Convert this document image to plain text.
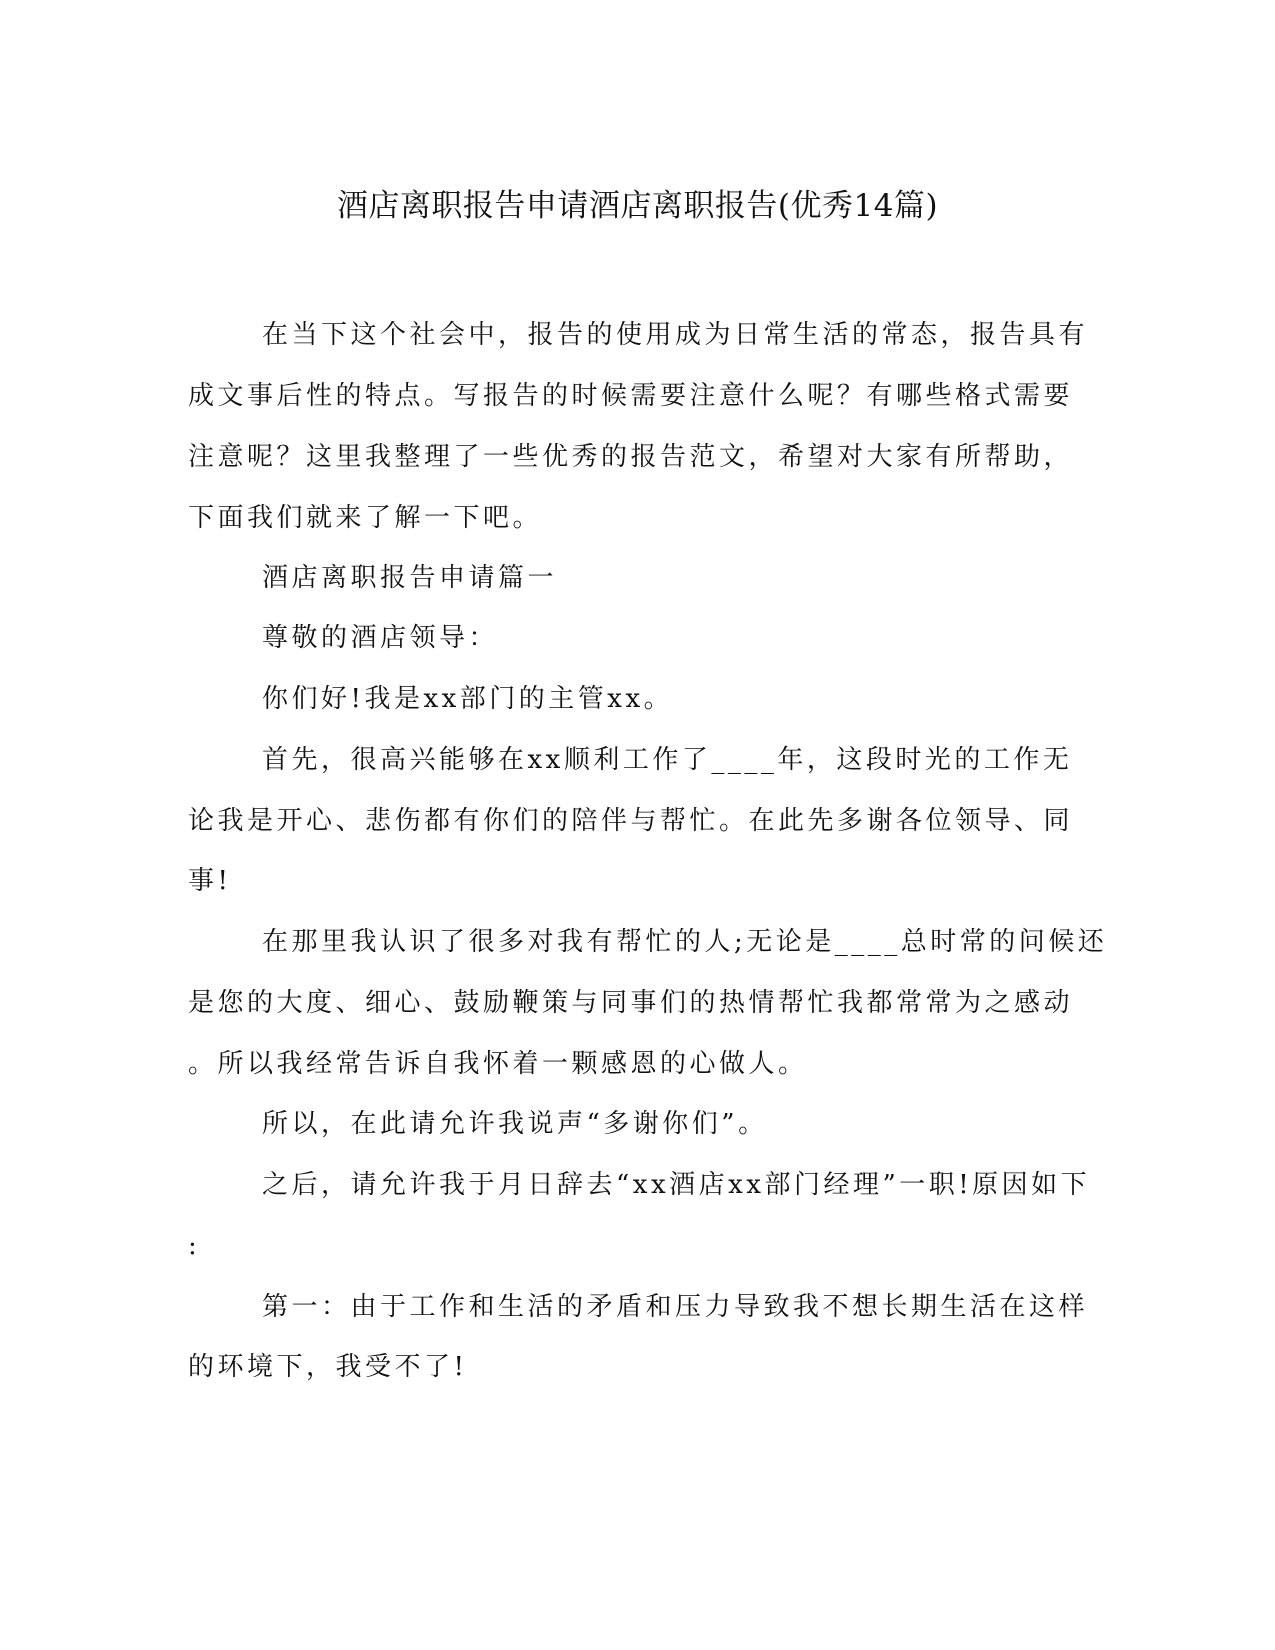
酒店离职报告申请酒店离职报告(优秀14篇)
在当下这个社会中，报告的使用成为日常生活的常态，报告具有
成文事后性的特点。写报告的时候需要注意什么呢？有哪些格式需要
注意呢？这里我整理了一些优秀的报告范文，希望对大家有所帮助，
下面我们就来了解一下吧。
酒店离职报告申请篇一
尊敬的酒店领导：
你们好!我是xx部门的主管xx。
首先，很高兴能够在xx顺利工作了____年，这段时光的工作无
论我是开心、悲伤都有你们的陪伴与帮忙。在此先多谢各位领导、同
事!
在那里我认识了很多对我有帮忙的人;无论是____总时常的问候还
是您的大度、细心、鼓励鞭策与同事们的热情帮忙我都常常为之感动
。所以我经常告诉自我怀着一颗感恩的心做人。
所以，在此请允许我说声“多谢你们”。
之后，请允许我于月日辞去“xx酒店xx部门经理”一职!原因如下
:
第一：由于工作和生活的矛盾和压力导致我不想长期生活在这样
的环境下，我受不了!
